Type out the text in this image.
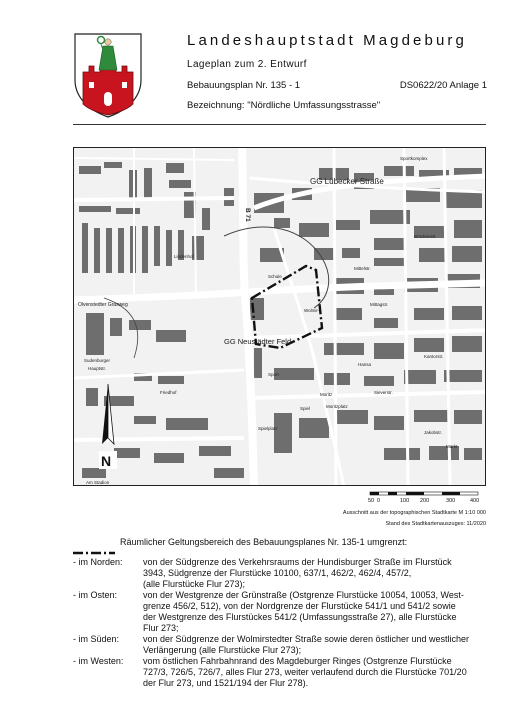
Landeshauptstadt Magdeburg
Lageplan zum 2. Entwurf
Bebauungsplan Nr. 135 - 1	DS0622/20 Anlage 1
Bezeichnung: "Nördliche Umfassungsstrasse"
GG Lübecker Straße
B 71
Olvenstedter Grasweg
GG Neustädter Feld
Sportkomplex
Hansa
Moritz
Moritzplatz
Spielplatz
Mittagstr.
Kantorstr.
Sieverstr.
Schule
Brückenstr.
Jakobstr.
Mittelstr.
Sudenburger
Hauptstr.
Friedhof
Lindenhof
Markt
Spiel
Sport
Am Stadion
Wolmir-
N
50 0	100 200	300	400
Ausschnitt aus der topographischen Stadtkarte M 1:10 000
Stand des Stadtkartenauszuges: 11/2020
Räumlicher Geltungsbereich des Bebauungsplanes Nr. 135-1 umgrenzt:
- im Norden:	von der Südgrenze des Verkehrsraums der Hundisburger Straße im Flurstück
3943, Südgrenze der Flurstücke 10100, 637/1, 462/2, 462/4, 457/2,
(alle Flurstücke Flur 273);
- im Osten:	von der Westgrenze der Grünstraße (Ostgrenze Flurstücke 10054, 10053, West-
grenze 456/2, 512), von der Nordgrenze der Flurstücke 541/1 und 541/2 sowie
der Westgrenze des Flurstückes 541/2 (Umfassungsstraße 27), alle Flurstücke
Flur 273;
- im Süden:	von der Südgrenze der Wolmirstedter Straße sowie deren östlicher und westlicher
Verlängerung (alle Flurstücke Flur 273);
- im Westen:	vom östlichen Fahrbahnrand des Magdeburger Ringes (Ostgrenze Flurstücke
727/3, 726/5, 726/7, alles Flur 273, weiter verlaufend durch die Flurstücke 701/20
der Flur 273, und 1521/194 der Flur 278).
